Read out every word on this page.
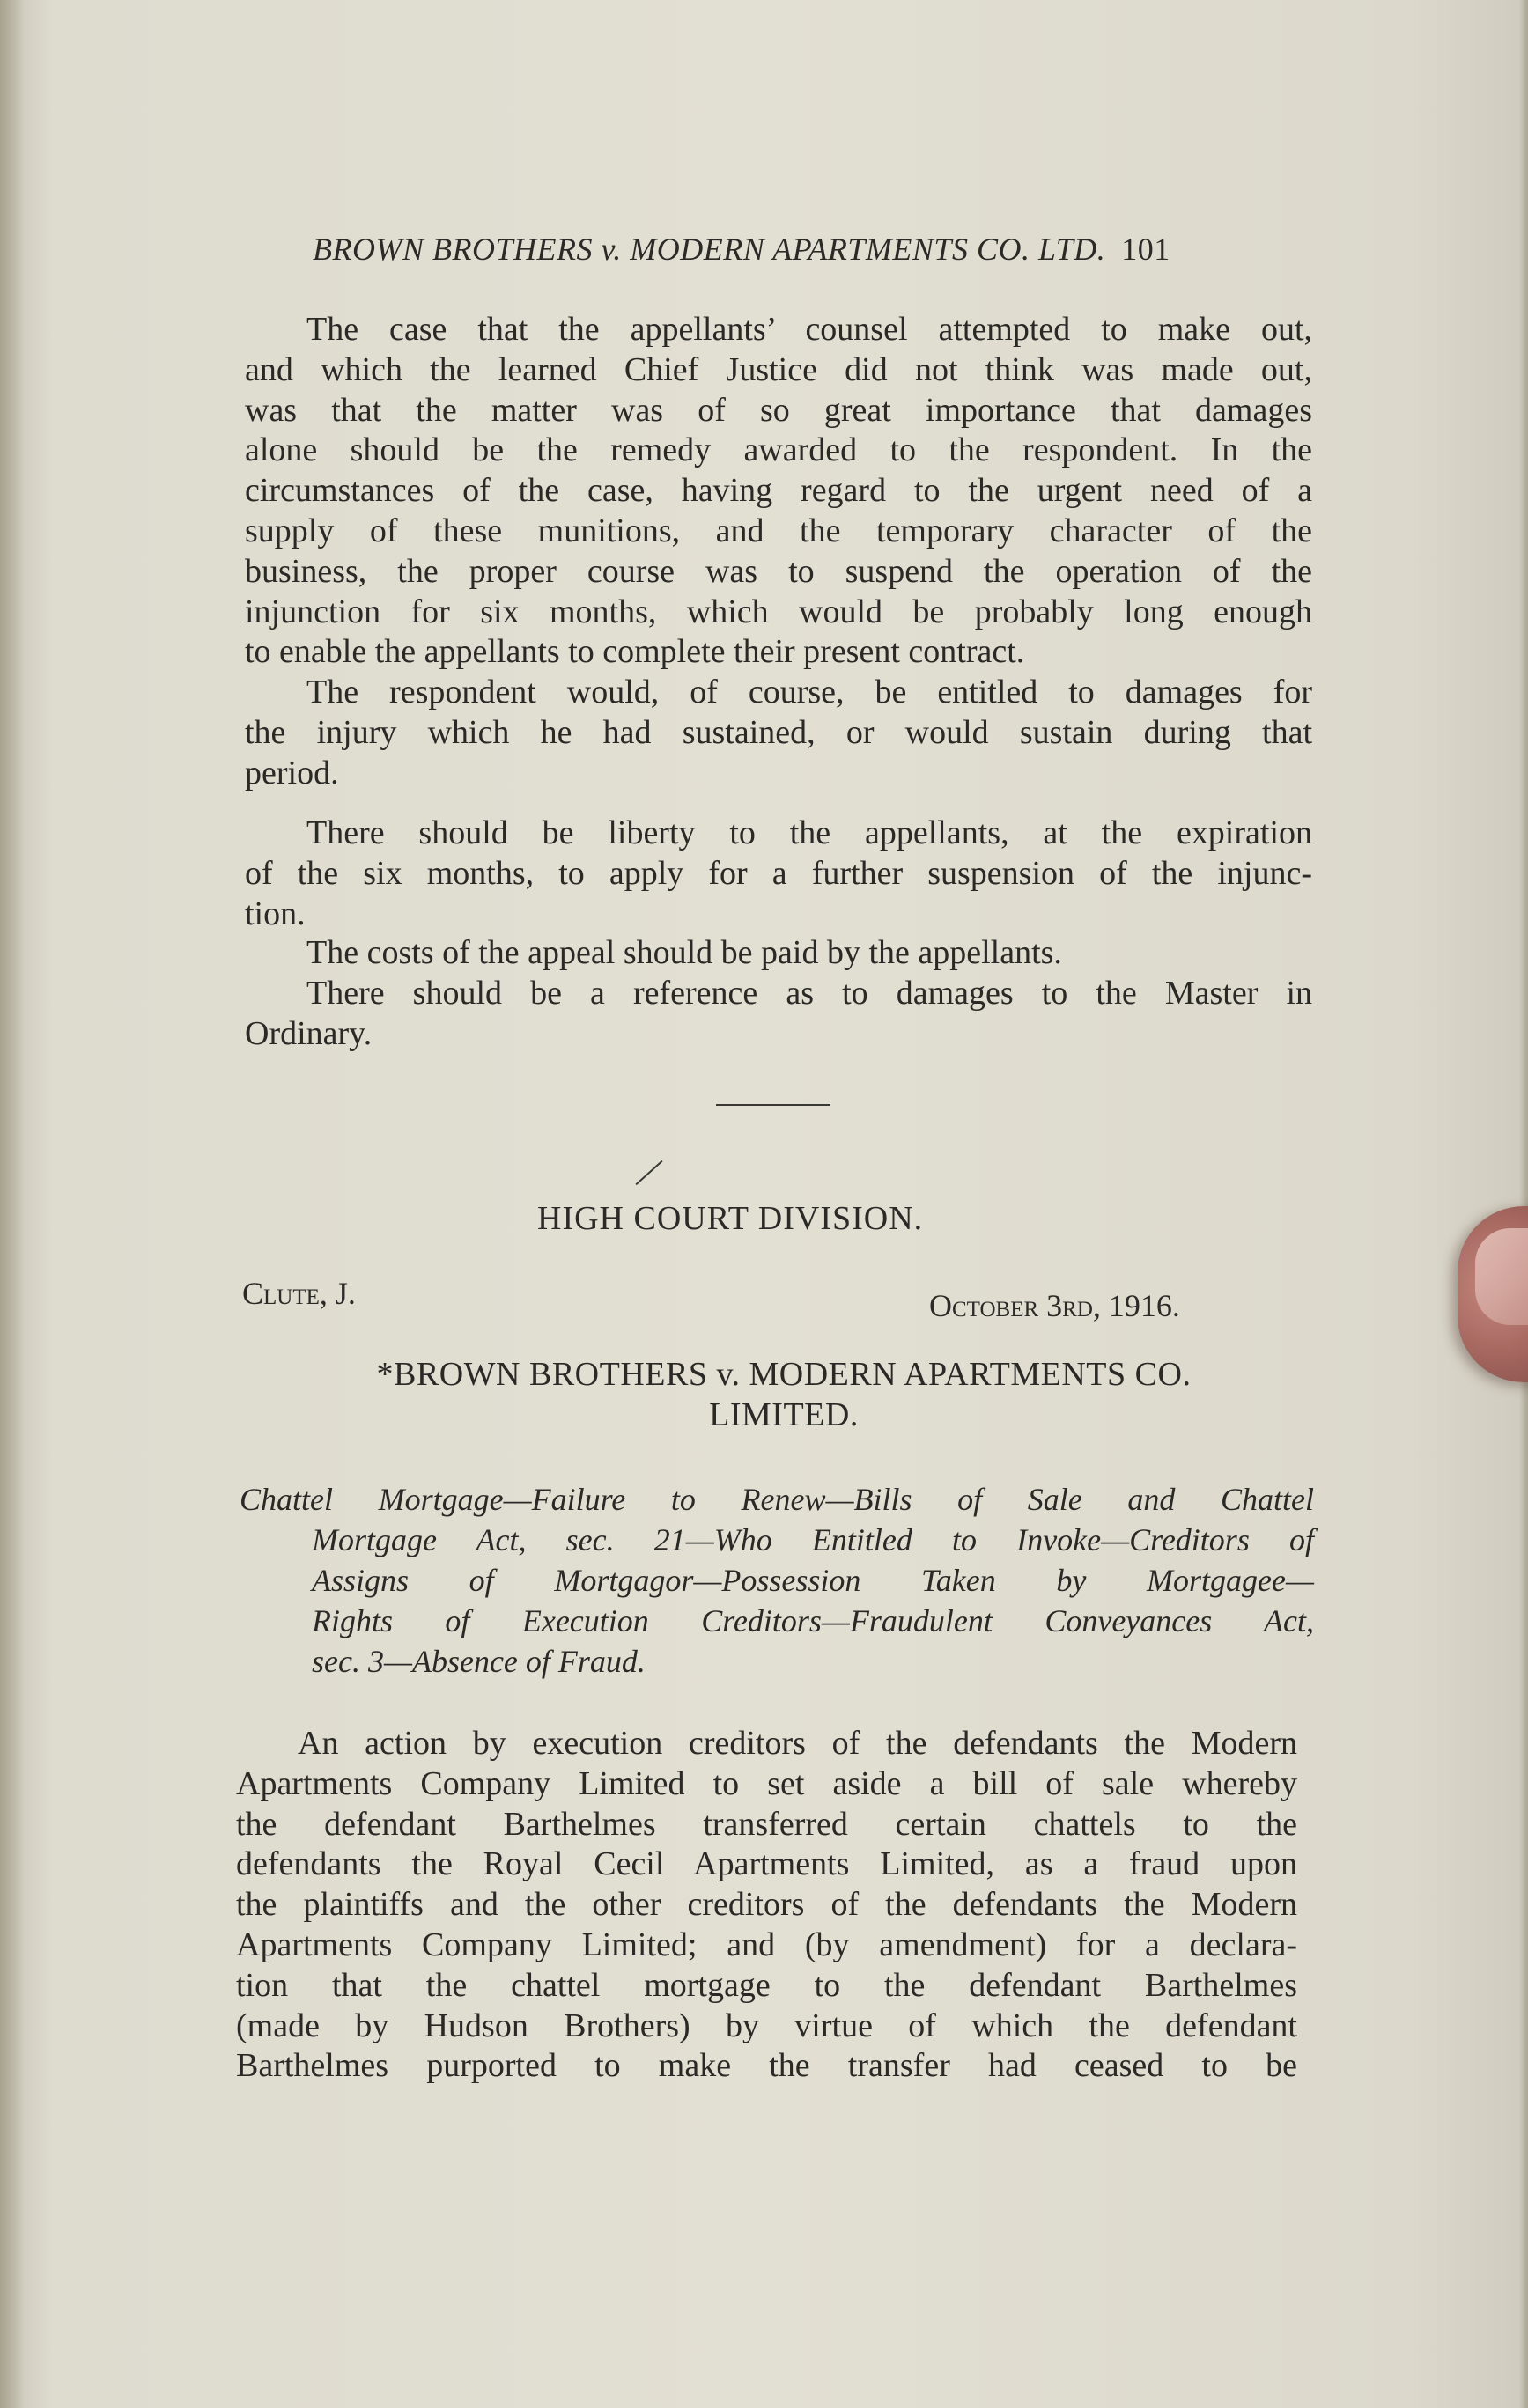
BROWN BROTHERS v. MODERN APARTMENTS CO. LTD. 101
The case that the appellants’ counsel attempted to make out,
and which the learned Chief Justice did not think was made out,
was that the matter was of so great importance that damages
alone should be the remedy awarded to the respondent. In the
circumstances of the case, having regard to the urgent need of a
supply of these munitions, and the temporary character of the
business, the proper course was to suspend the operation of the
injunction for six months, which would be probably long enough
to enable the appellants to complete their present contract.
The respondent would, of course, be entitled to damages for
the injury which he had sustained, or would sustain during that
period.
There should be liberty to the appellants, at the expiration
of the six months, to apply for a further suspension of the injunc-
tion.
The costs of the appeal should be paid by the appellants.
There should be a reference as to damages to the Master in
Ordinary.
HIGH COURT DIVISION.
Clute, J.	October 3rd, 1916.
*BROWN BROTHERS v. MODERN APARTMENTS CO.
LIMITED.
Chattel Mortgage—Failure to Renew—Bills of Sale and Chattel
Mortgage Act, sec. 21—Who Entitled to Invoke—Creditors of
Assigns of Mortgagor—Possession Taken by Mortgagee—
Rights of Execution Creditors—Fraudulent Conveyances Act,
sec. 3—Absence of Fraud.
An action by execution creditors of the defendants the Modern
Apartments Company Limited to set aside a bill of sale whereby
the defendant Barthelmes transferred certain chattels to the
defendants the Royal Cecil Apartments Limited, as a fraud upon
the plaintiffs and the other creditors of the defendants the Modern
Apartments Company Limited; and (by amendment) for a declara-
tion that the chattel mortgage to the defendant Barthelmes
(made by Hudson Brothers) by virtue of which the defendant
Barthelmes purported to make the transfer had ceased to be
